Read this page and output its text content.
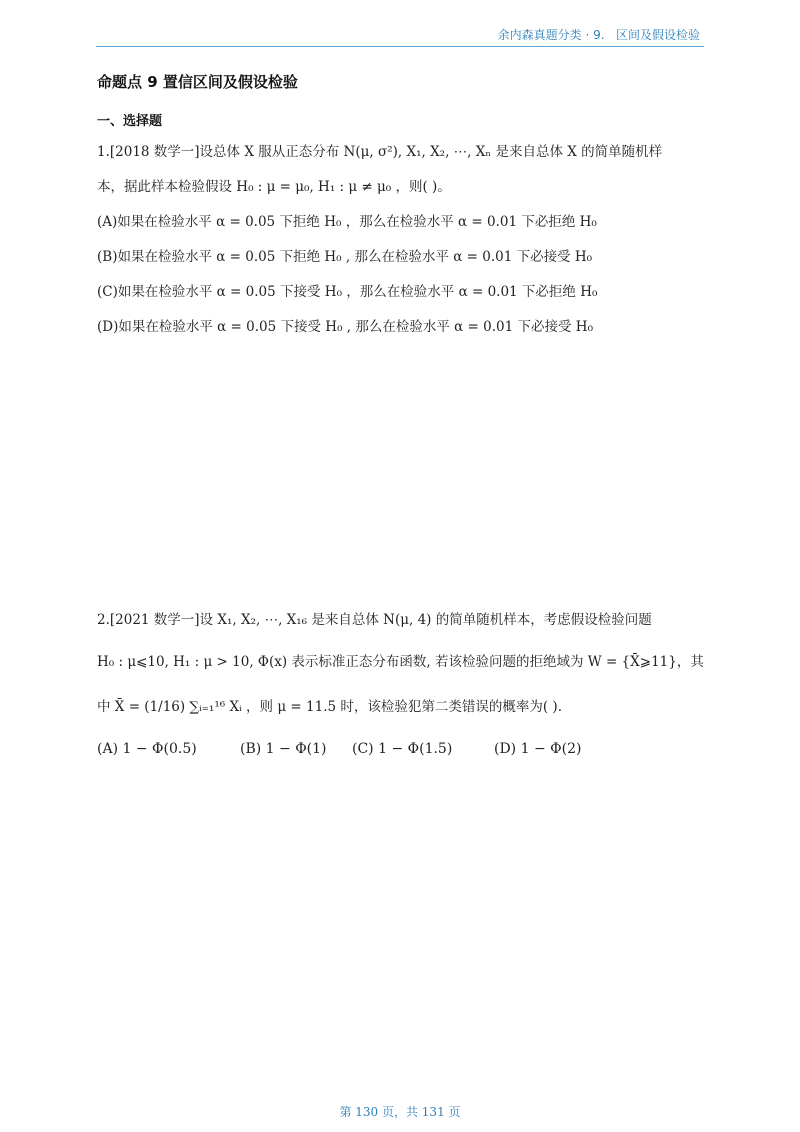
余内森真题分类 · 9.   区间及假设检验
命题点 9 置信区间及假设检验
一、选择题
1.[2018 数学一]设总体 X 服从正态分布 N(μ, σ²), X₁, X₂, ⋯, Xₙ 是来自总体 X 的简单随机样
本，据此样本检验假设 H₀ : μ = μ₀, H₁ : μ ≠ μ₀ ，则( )。
(A)如果在检验水平 α = 0.05 下拒绝 H₀ ，那么在检验水平 α = 0.01 下必拒绝 H₀
(B)如果在检验水平 α = 0.05 下拒绝 H₀ , 那么在检验水平 α = 0.01 下必接受 H₀
(C)如果在检验水平 α = 0.05 下接受 H₀ ，那么在检验水平 α = 0.01 下必拒绝 H₀
(D)如果在检验水平 α = 0.05 下接受 H₀ , 那么在检验水平 α = 0.01 下必接受 H₀
2.[2021 数学一]设 X₁, X₂, ⋯, X₁₆ 是来自总体 N(μ, 4) 的简单随机样本，考虑假设检验问题
H₀ : μ⩽10, H₁ : μ > 10, Φ(x) 表示标准正态分布函数, 若该检验问题的拒绝域为 W = {X̄⩾11}，其
中 X̄ = (1/16) ∑ᵢ₌₁¹⁶ Xᵢ ，则 μ = 11.5 时，该检验犯第二类错误的概率为( ).
(A) 1 − Φ(0.5)	(B) 1 − Φ(1) (C) 1 − Φ(1.5)	(D) 1 − Φ(2)
第 130 页，共 131 页
